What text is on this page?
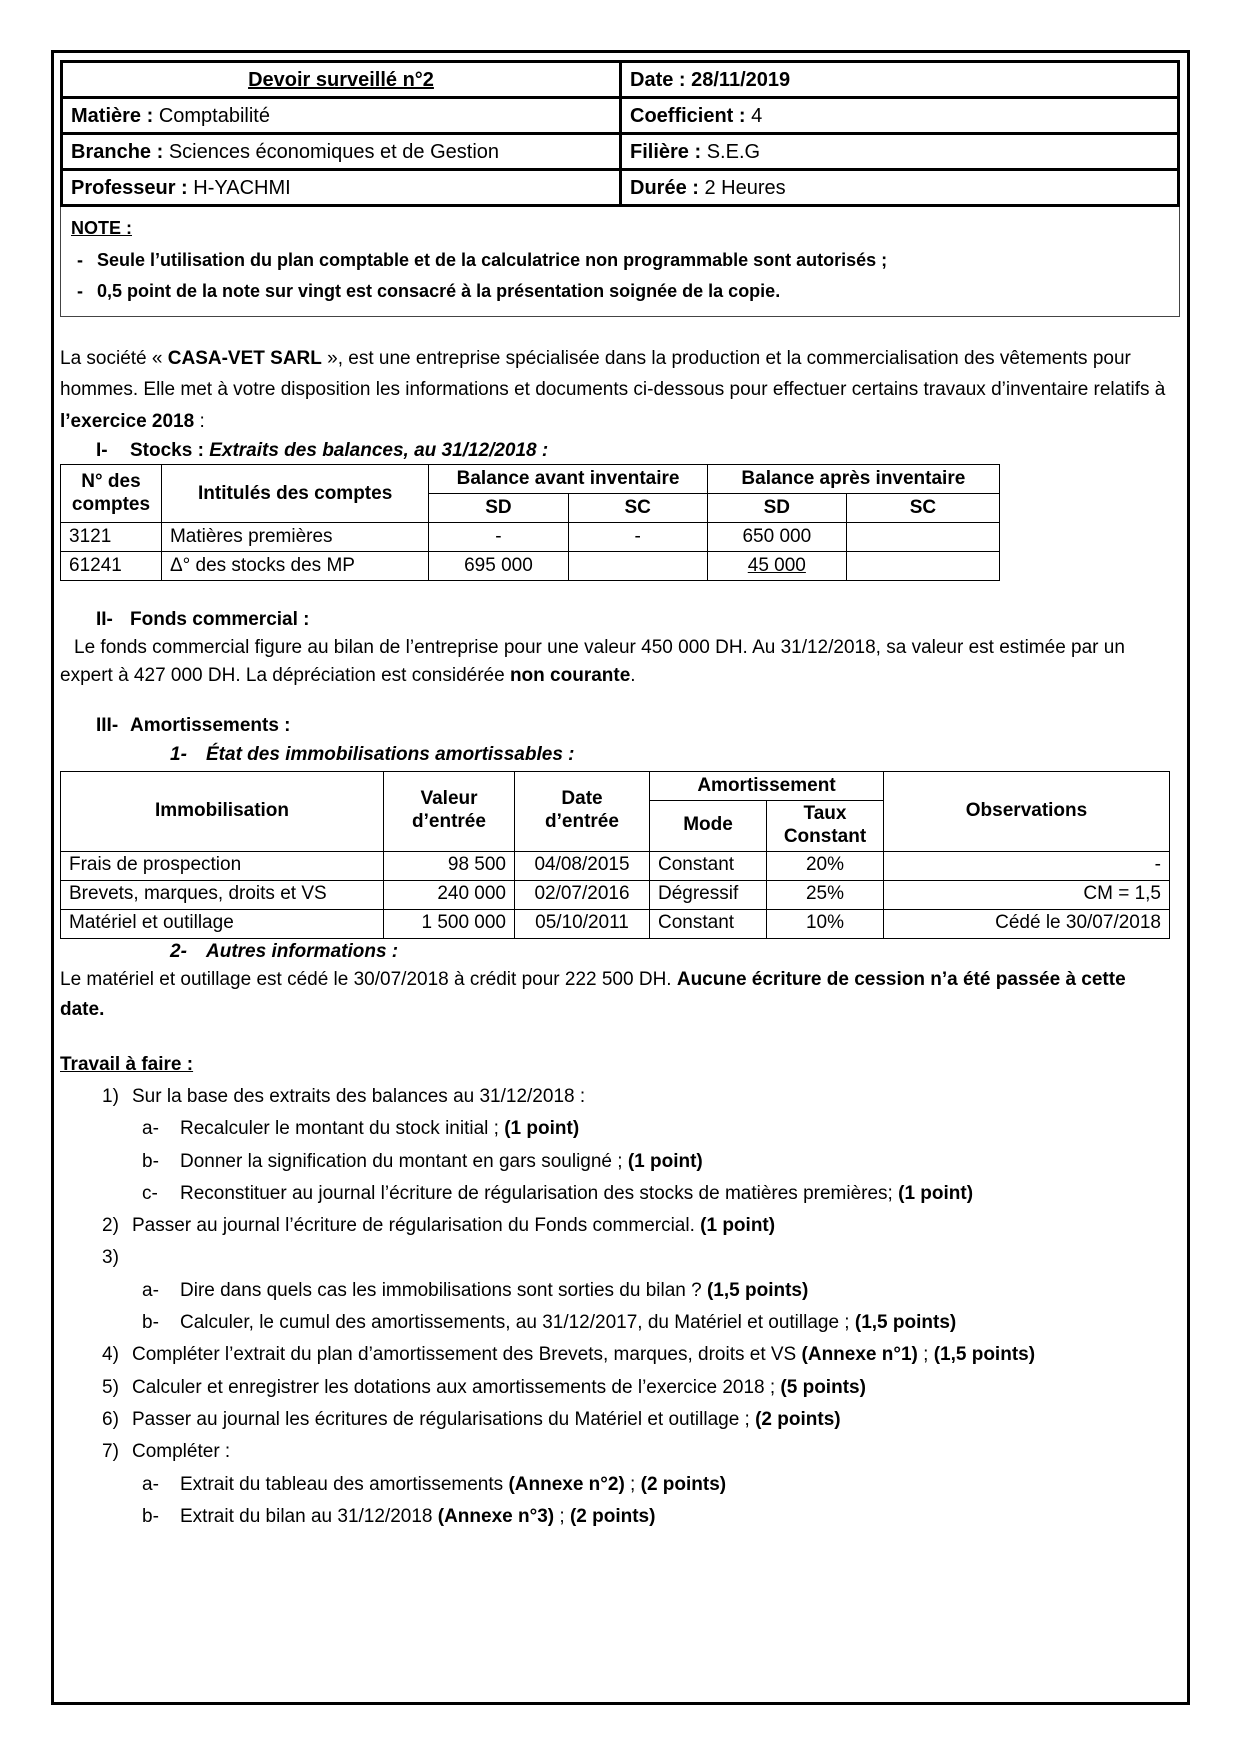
Devoir surveillé n°2	Date : 28/11/2019
Matière : Comptabilité	Coefficient : 4
Branche : Sciences économiques et de Gestion	Filière : S.E.G
Professeur : H-YACHMI	Durée : 2 Heures
NOTE :
- Seule l’utilisation du plan comptable et de la calculatrice non programmable sont autorisés ;
- 0,5 point de la note sur vingt est consacré à la présentation soignée de la copie.
La société « CASA-VET SARL », est une entreprise spécialisée dans la production et la commercialisation des vêtements pour hommes. Elle met à votre disposition les informations et documents ci-dessous pour effectuer certains travaux d’inventaire relatifs à l’exercice 2018 :
I- Stocks : Extraits des balances, au 31/12/2018 :
N° des comptes	Intitulés des comptes	Balance avant inventaire		Balance après inventaire	
		SD	SC	SD	SC
3121	Matières premières	-	-	650 000	
61241	Δ° des stocks des MP	695 000		45 000	
II- Fonds commercial :
Le fonds commercial figure au bilan de l’entreprise pour une valeur 450 000 DH. Au 31/12/2018, sa valeur est estimée par un expert à 427 000 DH. La dépréciation est considérée non courante.
III- Amortissements :
1- État des immobilisations amortissables :
Immobilisation	Valeur d’entrée	Date d’entrée	Amortissement		Observations
			Mode	Taux Constant	
Frais de prospection	98 500	04/08/2015	Constant	20%	-
Brevets, marques, droits et VS	240 000	02/07/2016	Dégressif	25%	CM = 1,5
Matériel et outillage	1 500 000	05/10/2011	Constant	10%	Cédé le 30/07/2018
2- Autres informations :
Le matériel et outillage est cédé le 30/07/2018 à crédit pour 222 500 DH. Aucune écriture de cession n’a été passée à cette date.
Travail à faire :
1) Sur la base des extraits des balances au 31/12/2018 :
a- Recalculer le montant du stock initial ; (1 point)
b- Donner la signification du montant en gars souligné ; (1 point)
c- Reconstituer au journal l’écriture de régularisation des stocks de matières premières; (1 point)
2) Passer au journal l’écriture de régularisation du Fonds commercial. (1 point)
3)
a- Dire dans quels cas les immobilisations sont sorties du bilan ? (1,5 points)
b- Calculer, le cumul des amortissements, au 31/12/2017, du Matériel et outillage ; (1,5 points)
4) Compléter l’extrait du plan d’amortissement des Brevets, marques, droits et VS (Annexe n°1) ; (1,5 points)
5) Calculer et enregistrer les dotations aux amortissements de l’exercice 2018 ; (5 points)
6) Passer au journal les écritures de régularisations du Matériel et outillage ; (2 points)
7) Compléter :
a- Extrait du tableau des amortissements (Annexe n°2) ; (2 points)
b- Extrait du bilan au 31/12/2018 (Annexe n°3) ; (2 points)
